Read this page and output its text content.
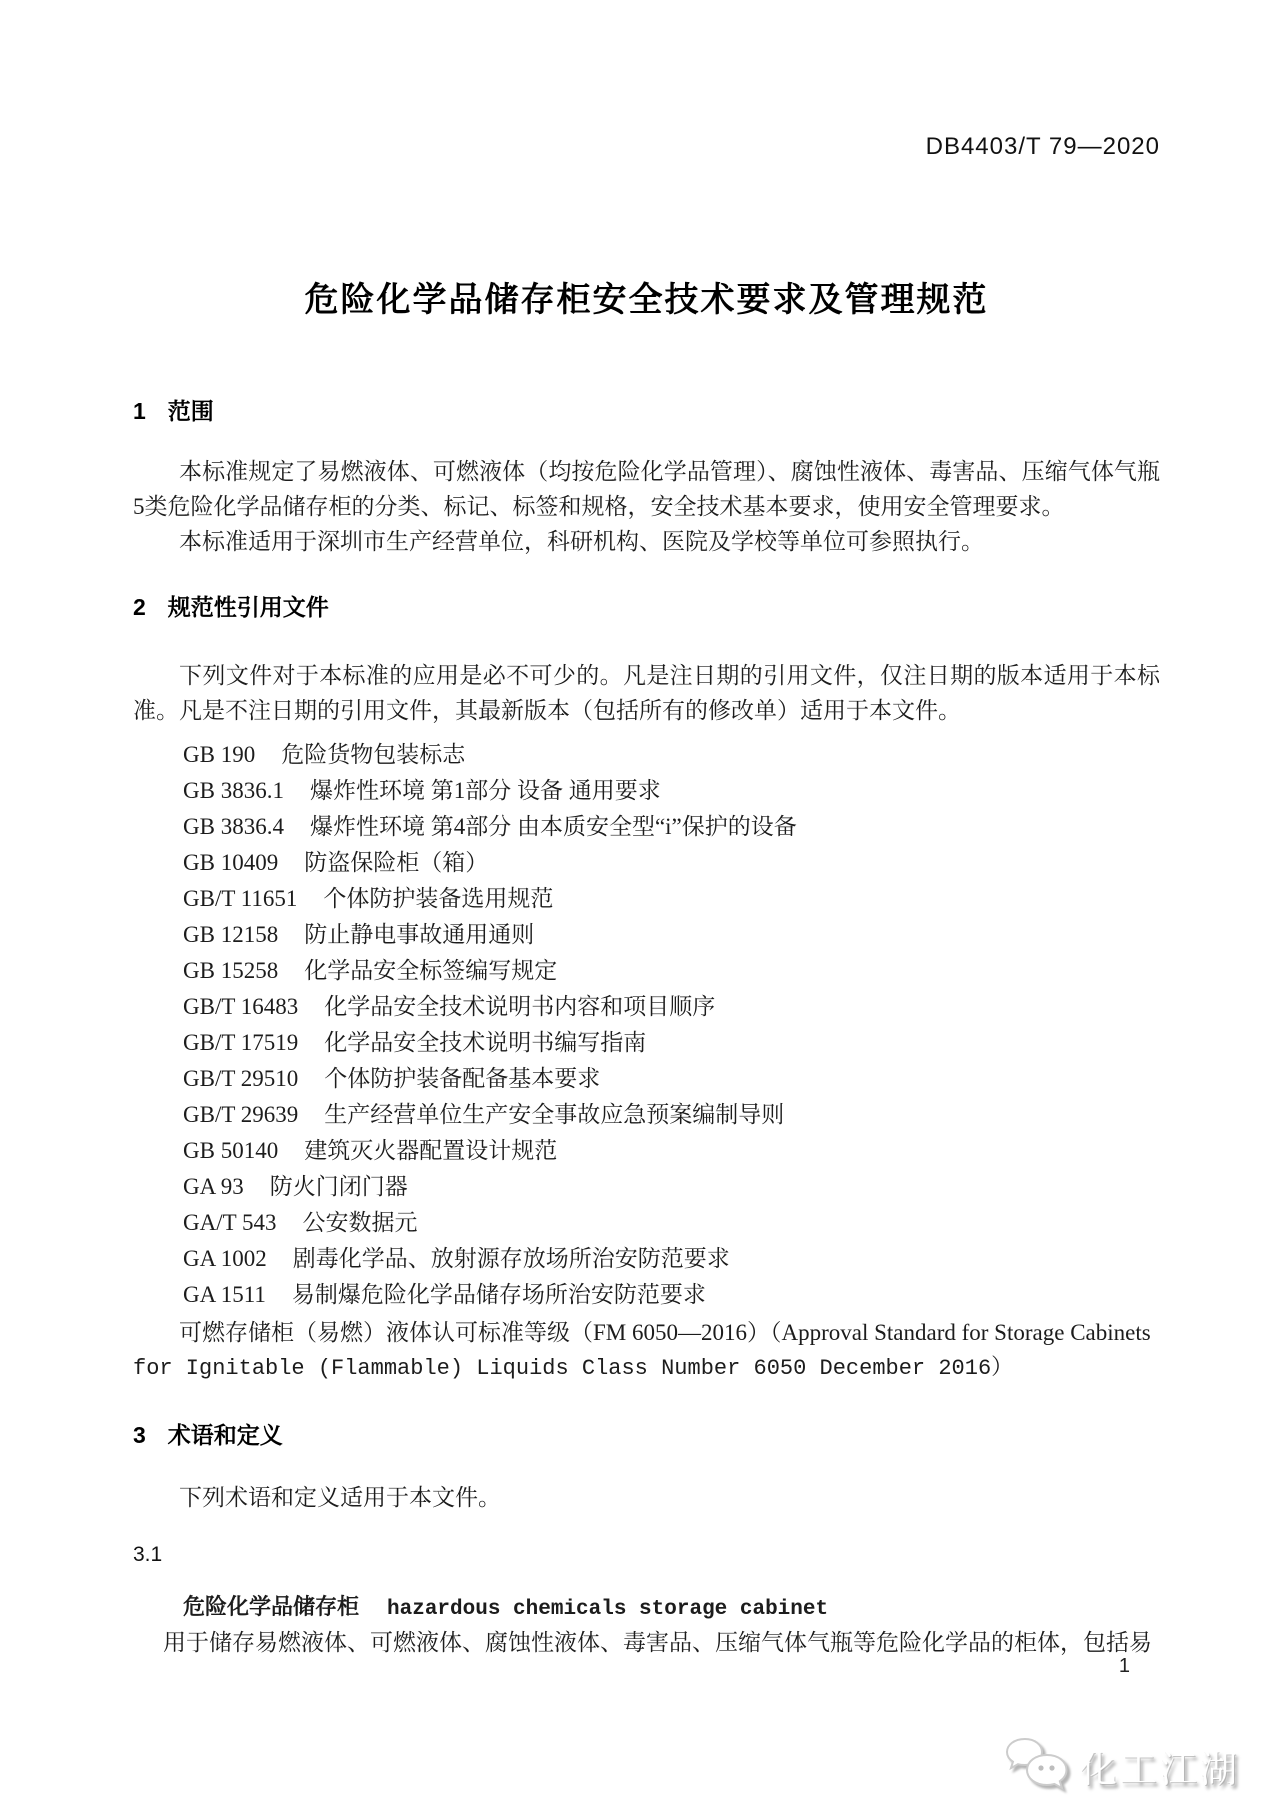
DB4403/T 79—2020
危险化学品储存柜安全技术要求及管理规范
1 范围

本标准规定了易燃液体、可燃液体（均按危险化学品管理）、腐蚀性液体、毒害品、压缩气体气瓶5类危险化学品储存柜的分类、标记、标签和规格，安全技术基本要求，使用安全管理要求。

本标准适用于深圳市生产经营单位，科研机构、医院及学校等单位可参照执行。

2 规范性引用文件

下列文件对于本标准的应用是必不可少的。凡是注日期的引用文件，仅注日期的版本适用于本标准。凡是不注日期的引用文件，其最新版本（包括所有的修改单）适用于本文件。

GB 190 危险货物包装标志
GB 3836.1 爆炸性环境 第1部分 设备 通用要求
GB 3836.4 爆炸性环境 第4部分 由本质安全型“i”保护的设备
GB 10409 防盗保险柜（箱）
GB/T 11651 个体防护装备选用规范
GB 12158 防止静电事故通用通则
GB 15258 化学品安全标签编写规定
GB/T 16483 化学品安全技术说明书内容和项目顺序
GB/T 17519 化学品安全技术说明书编写指南
GB/T 29510 个体防护装备配备基本要求
GB/T 29639 生产经营单位生产安全事故应急预案编制导则
GB 50140 建筑灭火器配置设计规范
GA 93 防火门闭门器
GA/T 543 公安数据元
GA 1002 剧毒化学品、放射源存放场所治安防范要求
GA 1511 易制爆危险化学品储存场所治安防范要求
可燃存储柜（易燃）液体认可标准等级（FM 6050—2016）（Approval Standard for Storage Cabinets
for Ignitable (Flammable) Liquids Class Number 6050 December 2016）
3 术语和定义

下列术语和定义适用于本文件。

3.1
危险化学品储存柜 hazardous chemicals storage cabinet

用于储存易燃液体、可燃液体、腐蚀性液体、毒害品、压缩气体气瓶等危险化学品的柜体，包括易

1
化工江湖
